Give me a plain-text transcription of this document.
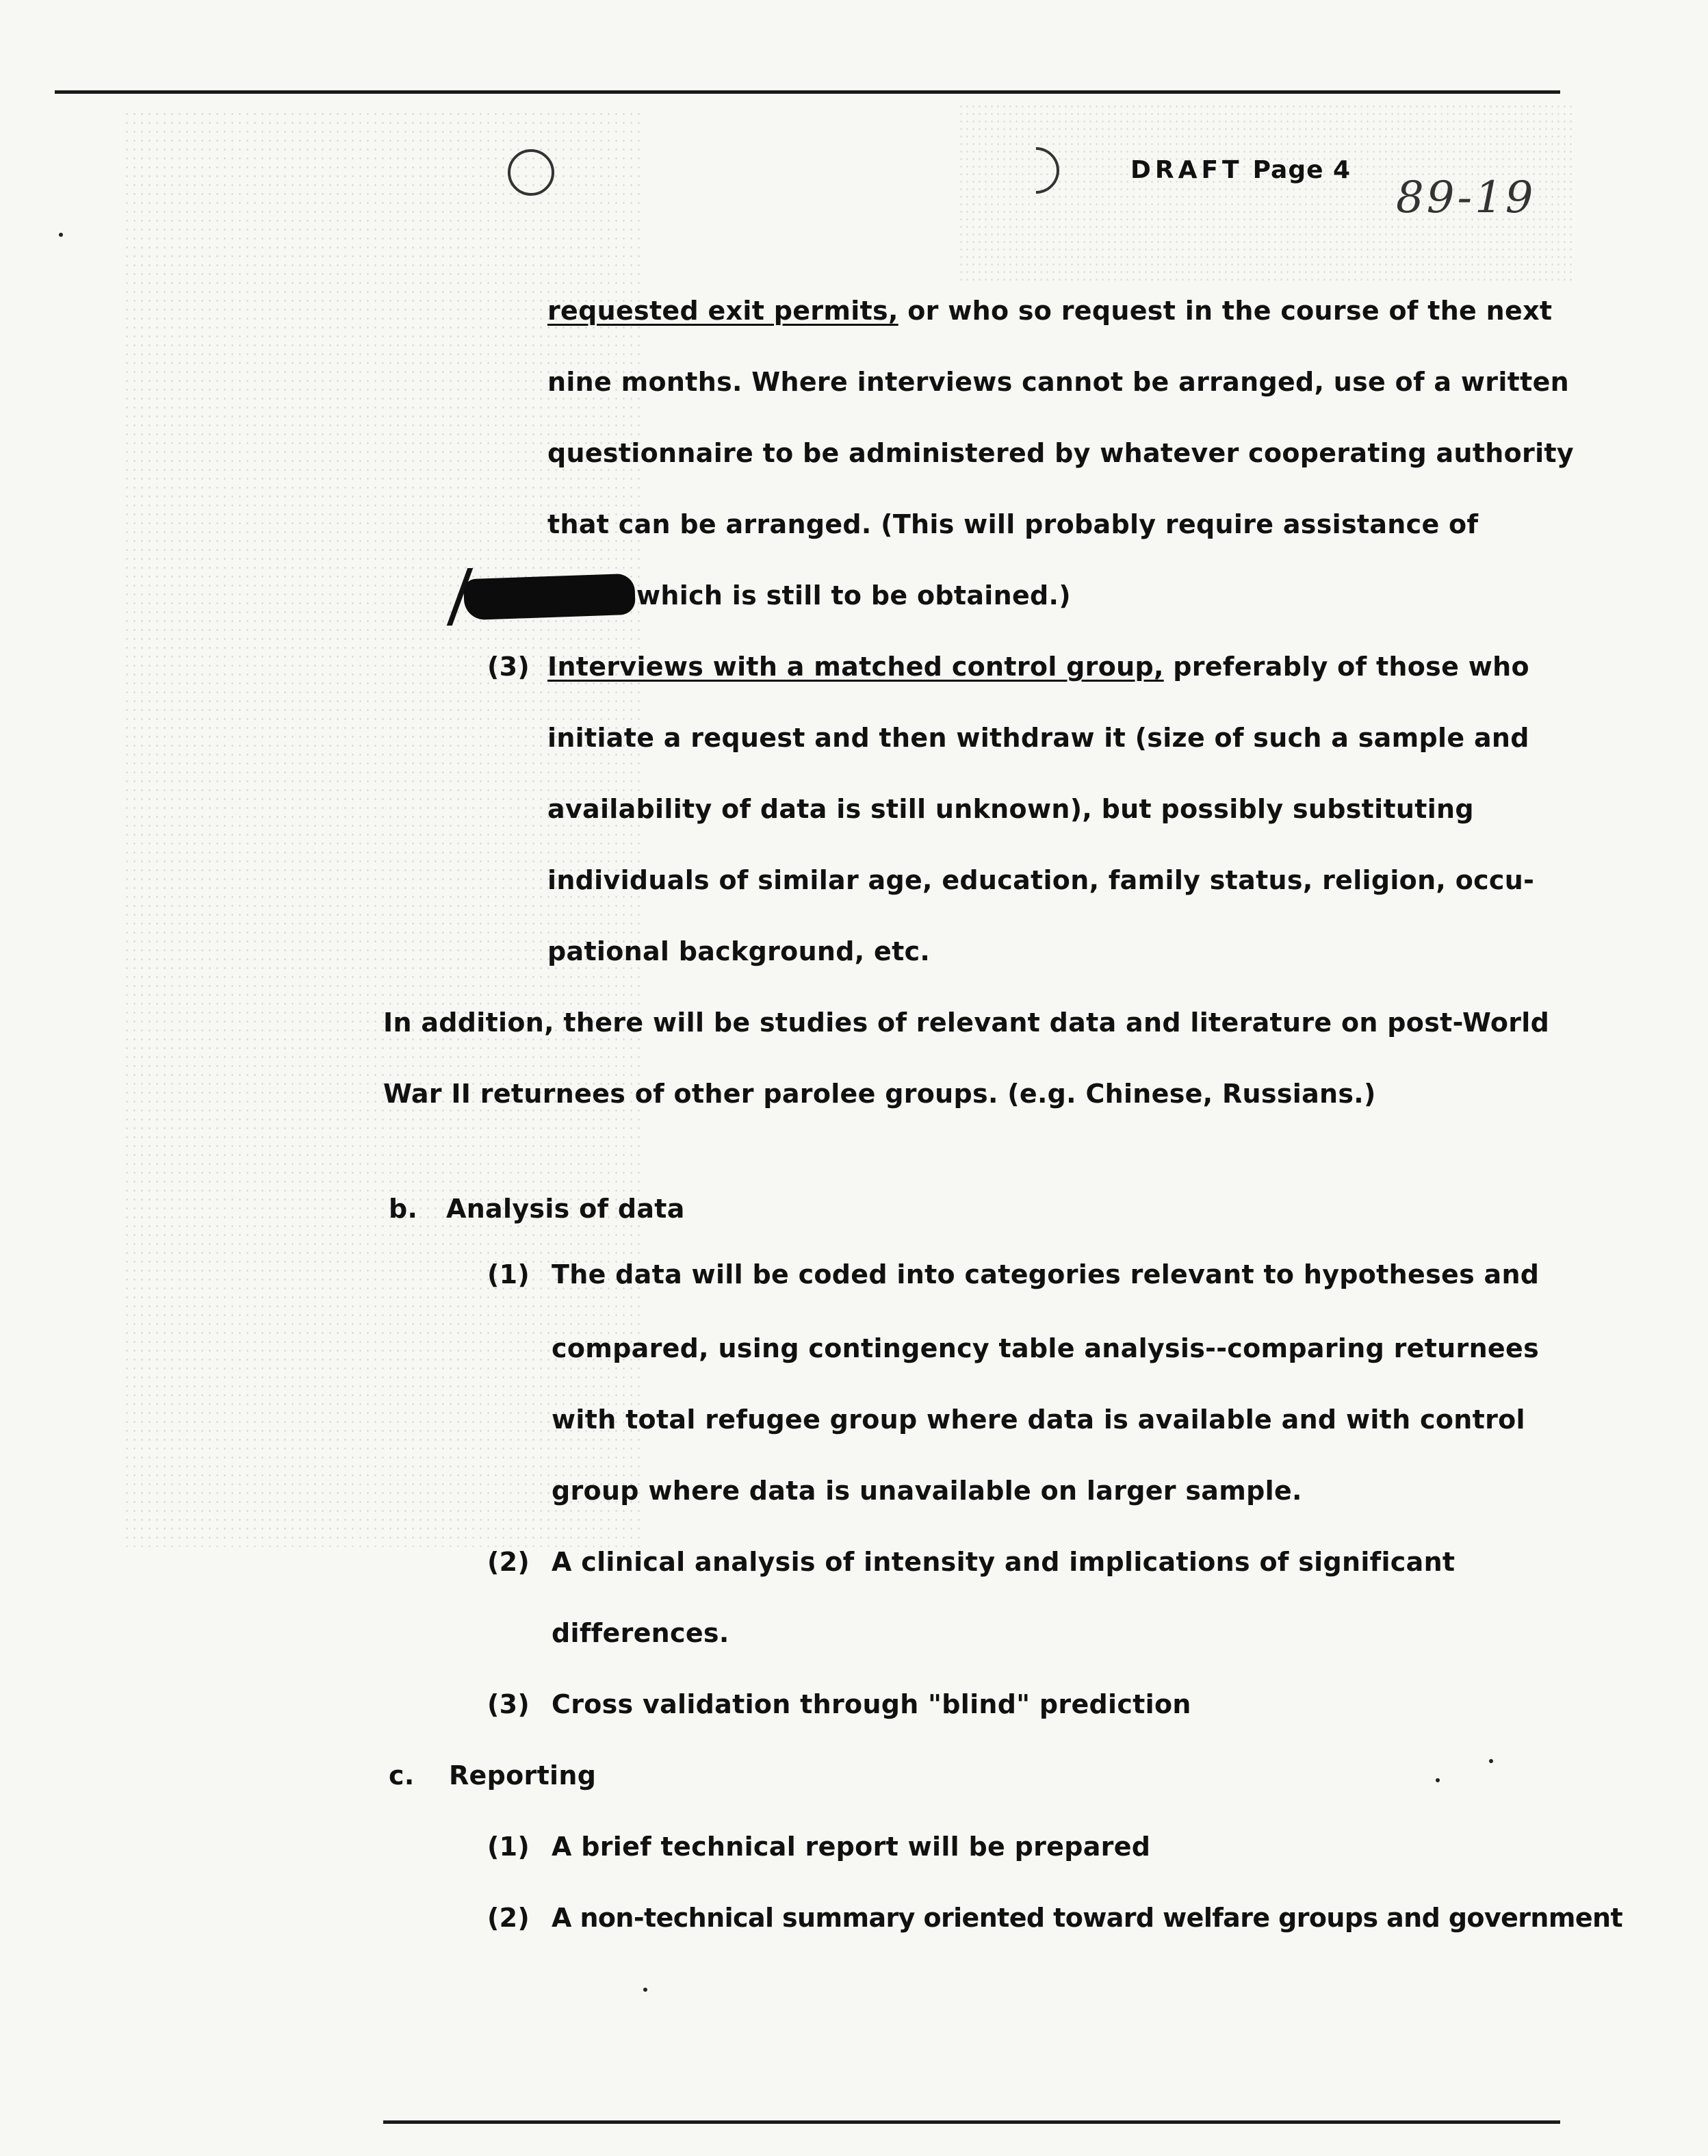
DRAFT Page 4
89-19
requested exit permits, or who so request in the course of the next
nine months. Where interviews cannot be arranged, use of a written
questionnaire to be administered by whatever cooperating authority
that can be arranged. (This will probably require assistance of
which is still to be obtained.)
(3) Interviews with a matched control group, preferably of those who
initiate a request and then withdraw it (size of such a sample and
availability of data is still unknown), but possibly substituting
individuals of similar age, education, family status, religion, occu-
pational background, etc.
In addition, there will be studies of relevant data and literature on post-World
War II returnees of other parolee groups. (e.g. Chinese, Russians.)
b. Analysis of data
(1) The data will be coded into categories relevant to hypotheses and
compared, using contingency table analysis--comparing returnees
with total refugee group where data is available and with control
group where data is unavailable on larger sample.
(2) A clinical analysis of intensity and implications of significant
differences.
(3) Cross validation through "blind" prediction
c. Reporting
(1) A brief technical report will be prepared
(2) A non-technical summary oriented toward welfare groups and government
